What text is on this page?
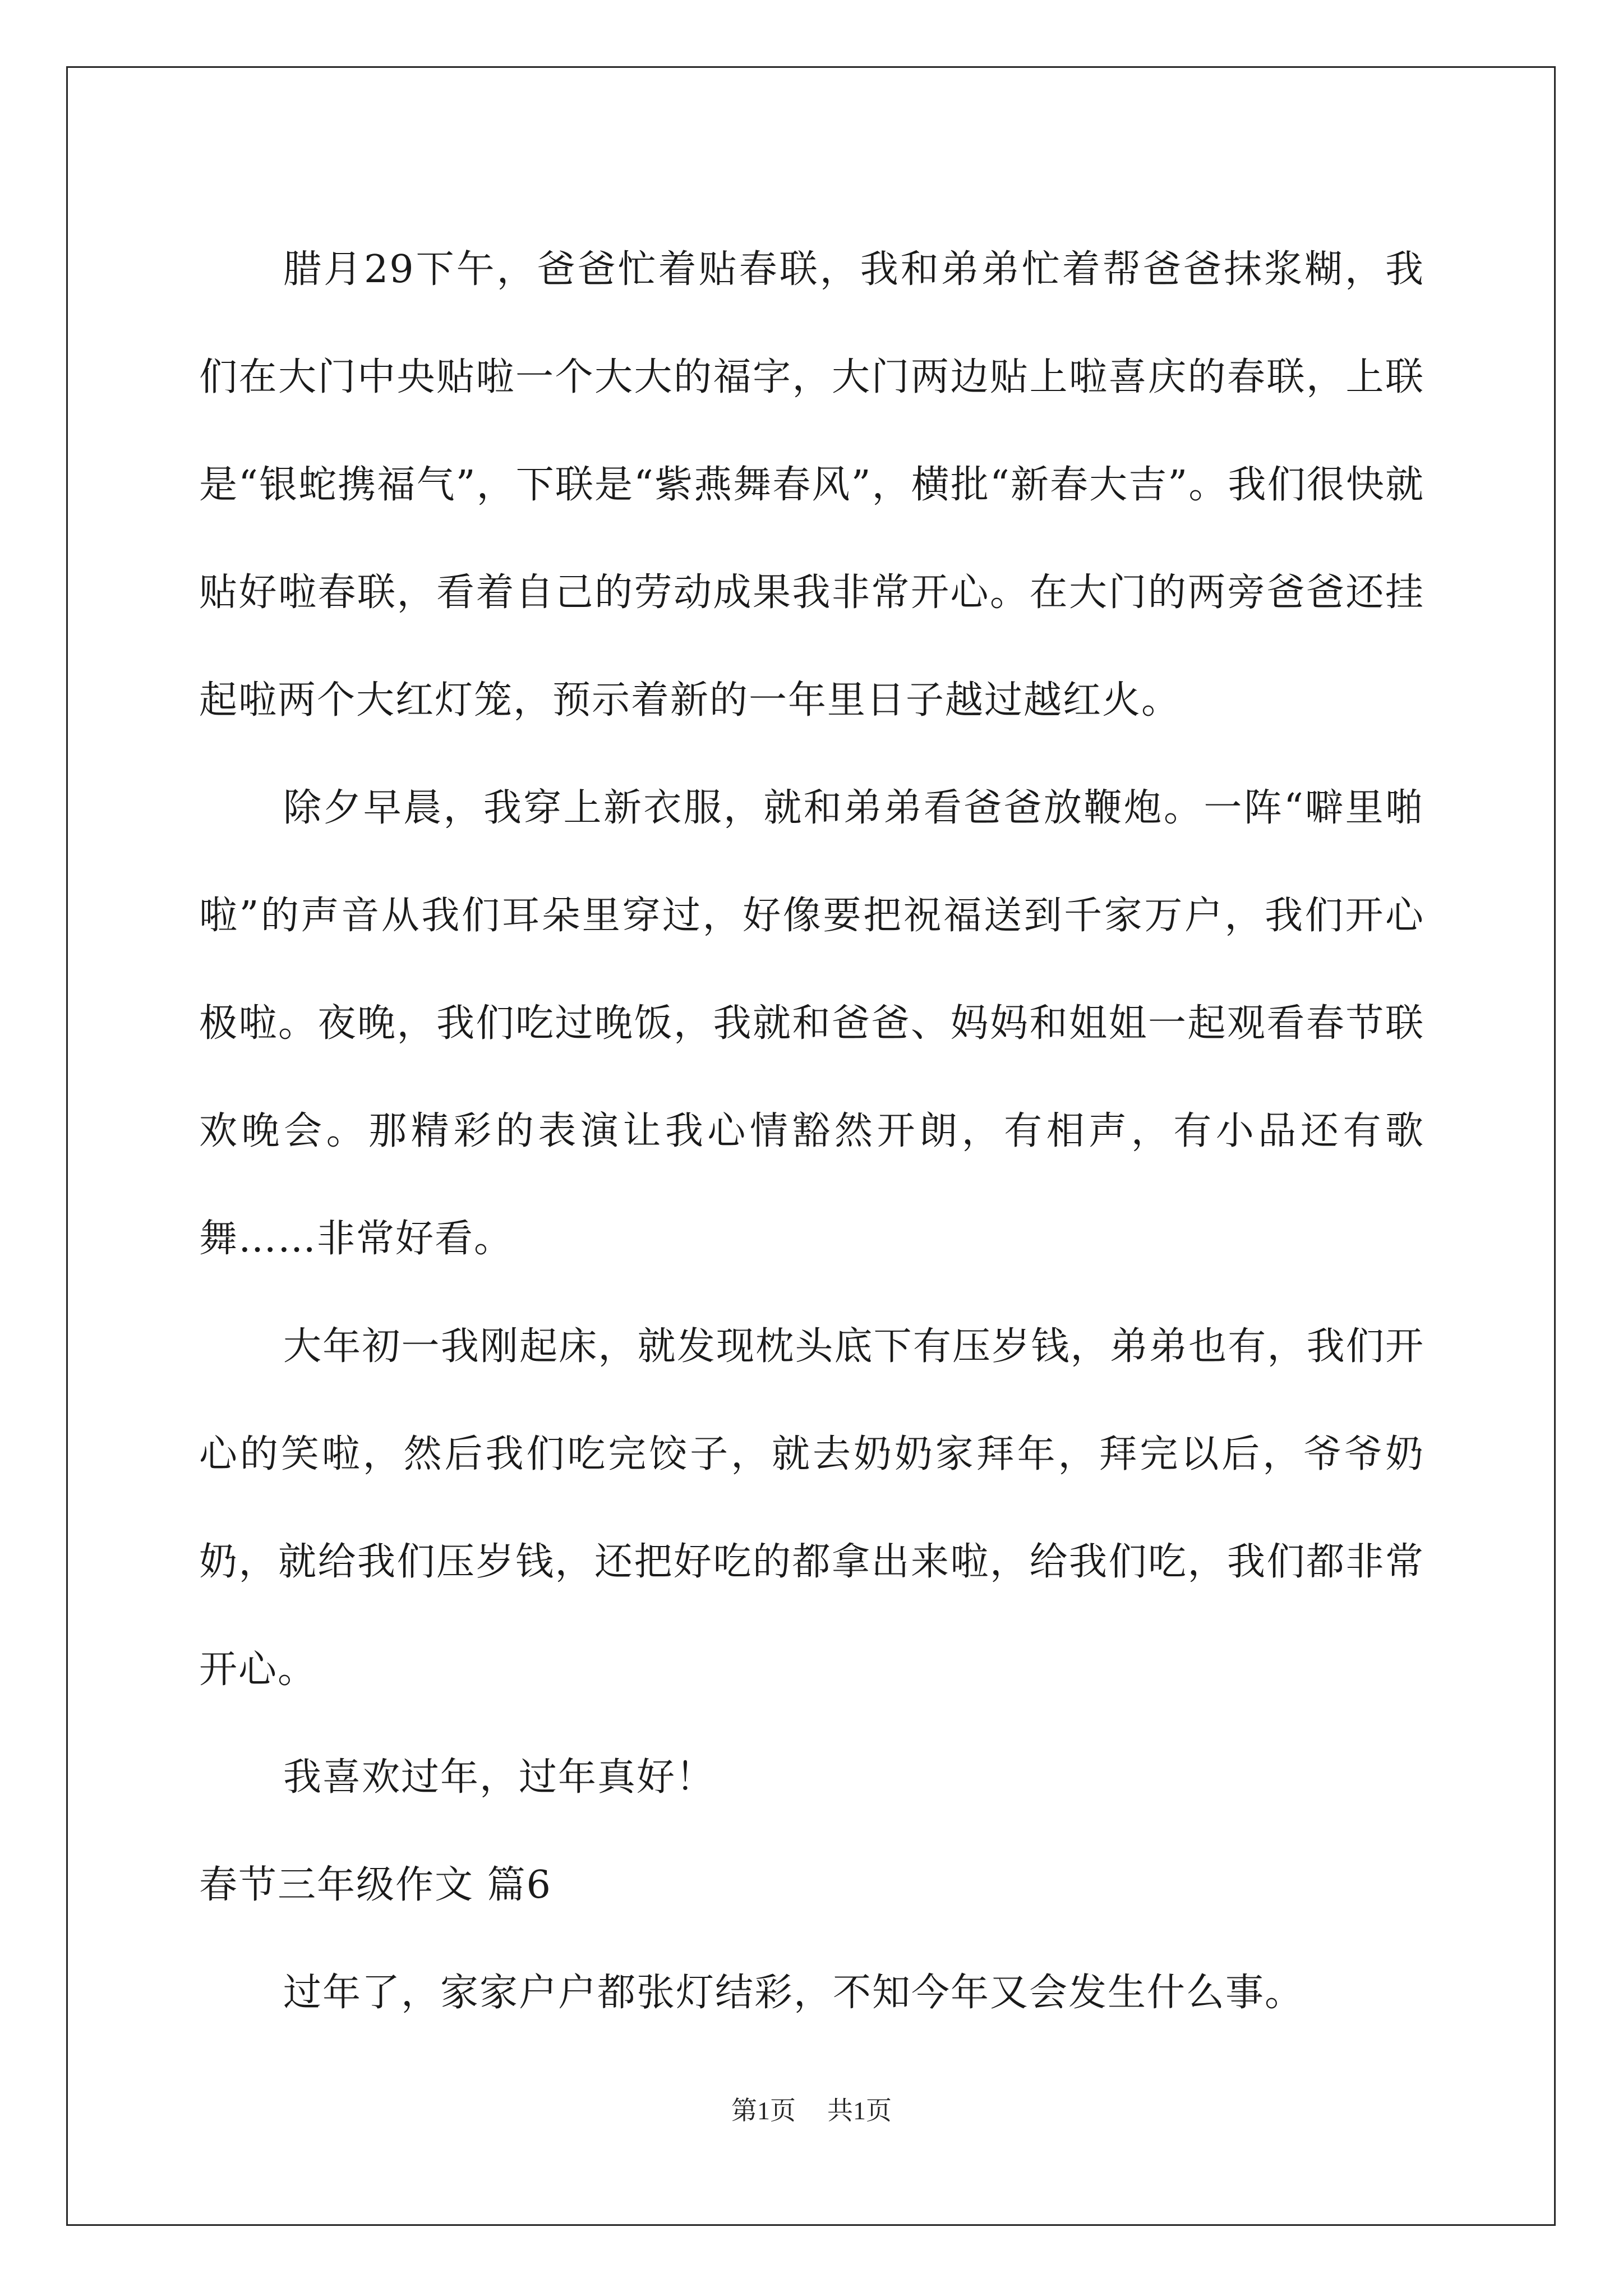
腊月29下午，爸爸忙着贴春联，我和弟弟忙着帮爸爸抹浆糊，我们在大门中央贴啦一个大大的福字，大门两边贴上啦喜庆的春联，上联是“银蛇携福气”，下联是“紫燕舞春风”，横批“新春大吉”。我们很快就贴好啦春联，看着自己的劳动成果我非常开心。在大门的两旁爸爸还挂起啦两个大红灯笼，预示着新的一年里日子越过越红火。

除夕早晨，我穿上新衣服，就和弟弟看爸爸放鞭炮。一阵“噼里啪啦”的声音从我们耳朵里穿过，好像要把祝福送到千家万户，我们开心极啦。夜晚，我们吃过晚饭，我就和爸爸、妈妈和姐姐一起观看春节联欢晚会。那精彩的表演让我心情豁然开朗，有相声，有小品还有歌舞……非常好看。

大年初一我刚起床，就发现枕头底下有压岁钱，弟弟也有，我们开心的笑啦，然后我们吃完饺子，就去奶奶家拜年，拜完以后，爷爷奶奶，就给我们压岁钱，还把好吃的都拿出来啦，给我们吃，我们都非常开心。

我喜欢过年，过年真好！

春节三年级作文 篇6

过年了，家家户户都张灯结彩，不知今年又会发生什么事。

第1页 共1页
